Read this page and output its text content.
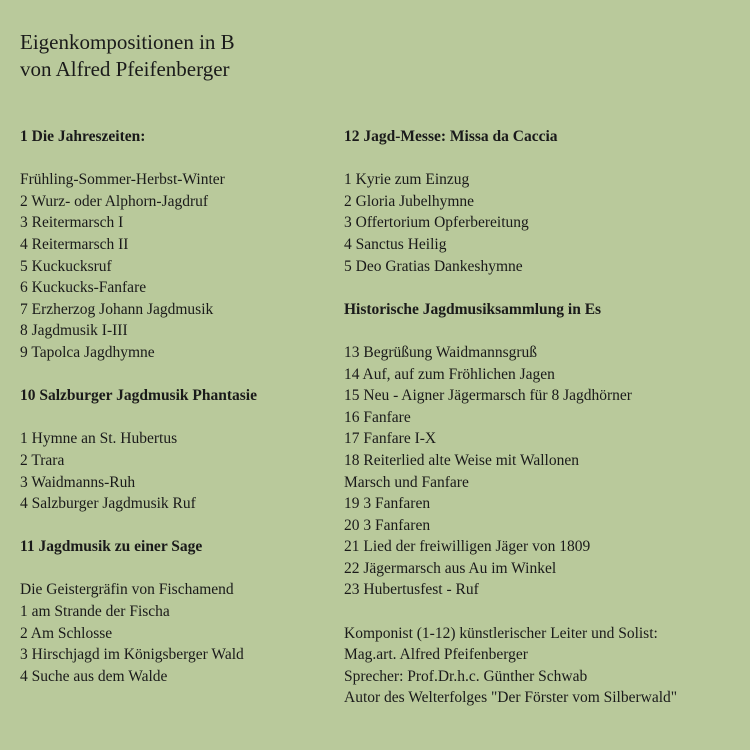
Eigenkompositionen in B
von Alfred Pfeifenberger
1 Die Jahreszeiten:
Frühling-Sommer-Herbst-Winter
2 Wurz- oder Alphorn-Jagdruf
3 Reitermarsch I
4 Reitermarsch II
5 Kuckucksruf
6 Kuckucks-Fanfare
7 Erzherzog Johann Jagdmusik
8 Jagdmusik I-III
9 Tapolca Jagdhymne
10 Salzburger Jagdmusik Phantasie
1 Hymne an St. Hubertus
2 Trara
3 Waidmanns-Ruh
4 Salzburger Jagdmusik Ruf
11 Jagdmusik zu einer Sage
Die Geistergräfin von Fischamend
1 am Strande der Fischa
2 Am Schlosse
3 Hirschjagd im Königsberger Wald
4 Suche aus dem Walde
12 Jagd-Messe: Missa da Caccia
1 Kyrie zum Einzug
2 Gloria Jubelhymne
3 Offertorium Opferbereitung
4 Sanctus Heilig
5 Deo Gratias Dankeshymne
Historische Jagdmusiksammlung in Es
13 Begrüßung Waidmannsgruß
14 Auf, auf zum Fröhlichen Jagen
15 Neu - Aigner Jägermarsch für 8 Jagdhörner
16 Fanfare
17 Fanfare I-X
18 Reiterlied alte Weise mit Wallonen
Marsch und Fanfare
19 3 Fanfaren
20 3 Fanfaren
21 Lied der freiwilligen Jäger von 1809
22 Jägermarsch aus Au im Winkel
23 Hubertusfest - Ruf
Komponist (1-12) künstlerischer Leiter und Solist:
Mag.art. Alfred Pfeifenberger
Sprecher: Prof.Dr.h.c. Günther Schwab
Autor des Welterfolges "Der Förster vom Silberwald"
